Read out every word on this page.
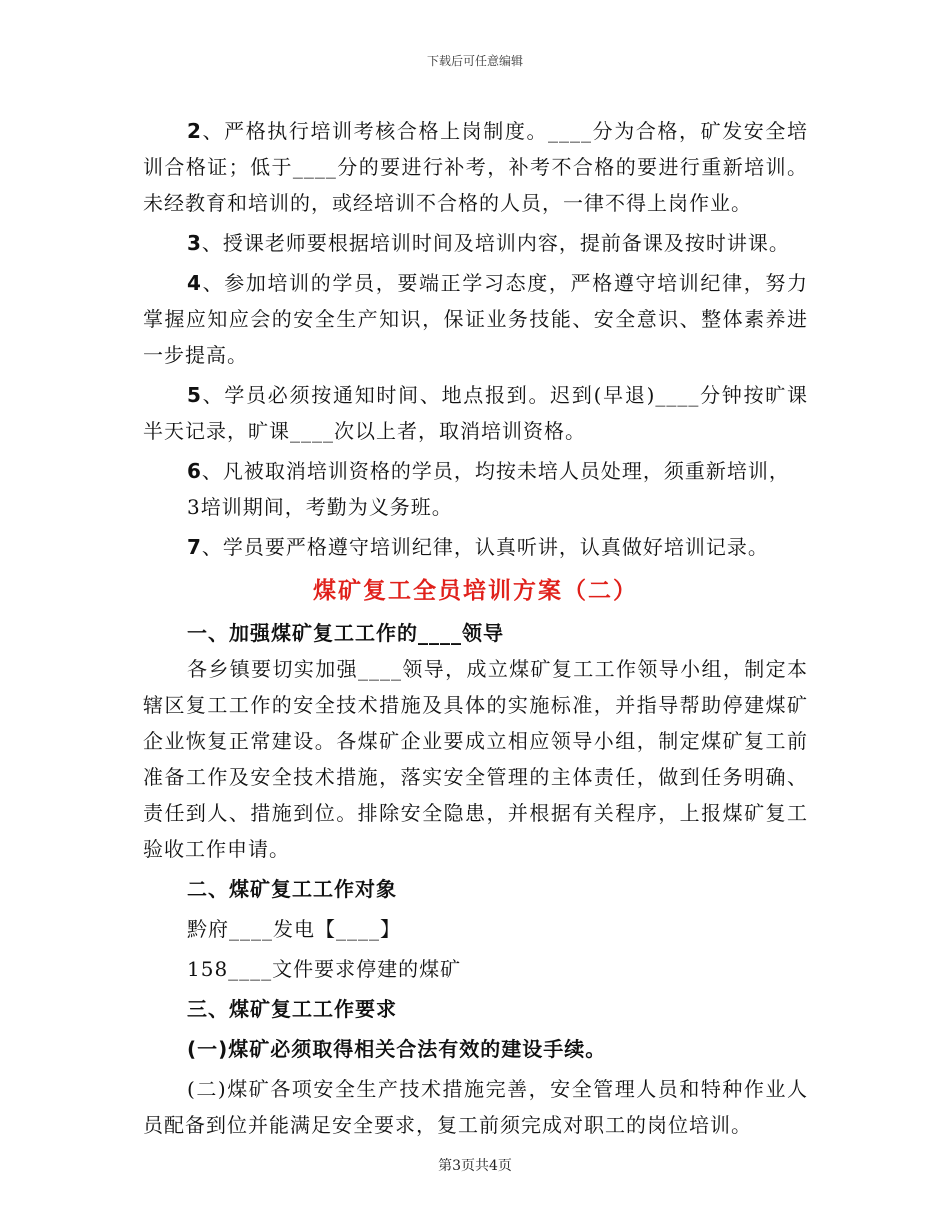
下载后可任意编辑

2、严格执行培训考核合格上岗制度。____分为合格，矿发安全培训合格证；低于____分的要进行补考，补考不合格的要进行重新培训。未经教育和培训的，或经培训不合格的人员，一律不得上岗作业。

3、授课老师要根据培训时间及培训内容，提前备课及按时讲课。

4、参加培训的学员，要端正学习态度，严格遵守培训纪律，努力掌握应知应会的安全生产知识，保证业务技能、安全意识、整体素养进一步提高。

5、学员必须按通知时间、地点报到。迟到(早退)____分钟按旷课半天记录，旷课____次以上者，取消培训资格。

6、凡被取消培训资格的学员，均按未培人员处理，须重新培训，

3培训期间，考勤为义务班。

7、学员要严格遵守培训纪律，认真听讲，认真做好培训记录。

煤矿复工全员培训方案（二）

一、加强煤矿复工工作的____领导

各乡镇要切实加强____领导，成立煤矿复工工作领导小组，制定本辖区复工工作的安全技术措施及具体的实施标准，并指导帮助停建煤矿企业恢复正常建设。各煤矿企业要成立相应领导小组，制定煤矿复工前准备工作及安全技术措施，落实安全管理的主体责任，做到任务明确、责任到人、措施到位。排除安全隐患，并根据有关程序，上报煤矿复工验收工作申请。

二、煤矿复工工作对象

黔府____发电【____】

158____文件要求停建的煤矿

三、煤矿复工工作要求

(一)煤矿必须取得相关合法有效的建设手续。

(二)煤矿各项安全生产技术措施完善，安全管理人员和特种作业人员配备到位并能满足安全要求，复工前须完成对职工的岗位培训。

第3页共4页
